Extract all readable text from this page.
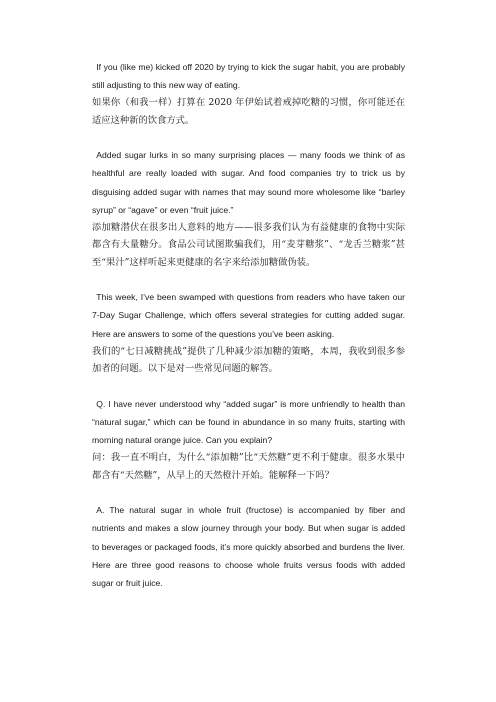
If you (like me) kicked off 2020 by trying to kick the sugar habit, you are probably still adjusting to this new way of eating.

如果你（和我一样）打算在 2020 年伊始试着戒掉吃糖的习惯，你可能还在适应这种新的饮食方式。

Added sugar lurks in so many surprising places — many foods we think of as healthful are really loaded with sugar. And food companies try to trick us by disguising added sugar with names that may sound more wholesome like “barley syrup” or “agave” or even “fruit juice.”

添加糖潜伏在很多出人意料的地方——很多我们认为有益健康的食物中实际都含有大量糖分。食品公司试图欺骗我们，用“麦芽糖浆”、“龙舌兰糖浆”甚至“果汁”这样听起来更健康的名字来给添加糖做伪装。

This week, I’ve been swamped with questions from readers who have taken our 7-Day Sugar Challenge, which offers several strategies for cutting added sugar. Here are answers to some of the questions you’ve been asking.

我们的“七日减糖挑战”提供了几种减少添加糖的策略，本周，我收到很多参加者的问题。以下是对一些常见问题的解答。

Q. I have never understood why “added sugar” is more unfriendly to health than “natural sugar,” which can be found in abundance in so many fruits, starting with morning natural orange juice. Can you explain?

问：我一直不明白，为什么“添加糖”比“天然糖”更不利于健康。很多水果中都含有“天然糖”，从早上的天然橙汁开始。能解释一下吗？

A. The natural sugar in whole fruit (fructose) is accompanied by fiber and nutrients and makes a slow journey through your body. But when sugar is added to beverages or packaged foods, it’s more quickly absorbed and burdens the liver. Here are three good reasons to choose whole fruits versus foods with added sugar or fruit juice.
